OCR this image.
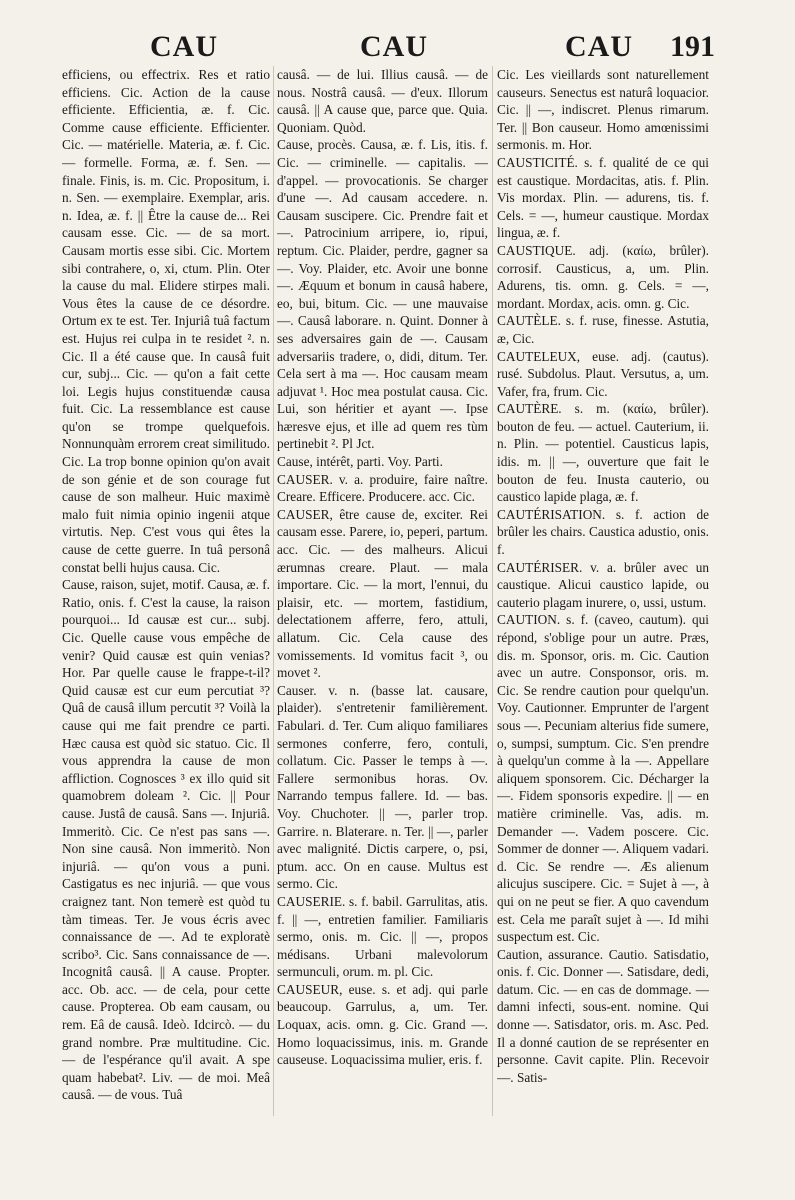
CAU	CAU	CAU 191

efficiens, ou effectrix. Res et ratio efficiens. Cic. Action de la cause efficiente. Efficientia, æ. f. Cic. Comme cause efficiente. Efficienter. Cic. — matérielle. Materia, æ. f. Cic. — formelle. Forma, æ. f. Sen. — finale. Finis, is. m. Cic. Propositum, i. n. Sen. — exemplaire. Exemplar, aris. n. Idea, æ. f. || Être la cause de... Rei causam esse. Cic. — de sa mort. Causam mortis esse sibi. Cic. Mortem sibi contrahere, o, xi, ctum. Plin. Oter la cause du mal. Elidere stirpes mali. Vous êtes la cause de ce désordre. Ortum ex te est. Ter. Injuriâ tuâ factum est. Hujus rei culpa in te residet ². n. Cic. Il a été cause que. In causâ fuit cur, subj... Cic. — qu'on a fait cette loi. Legis hujus constituendæ causa fuit. Cic. La ressemblance est cause qu'on se trompe quelquefois. Nonnunquàm errorem creat similitudo. Cic. La trop bonne opinion qu'on avait de son génie et de son courage fut cause de son malheur. Huic maximè malo fuit nimia opinio ingenii atque virtutis. Nep. C'est vous qui êtes la cause de cette guerre. In tuâ personâ constat belli hujus causa. Cic.

Cause, raison, sujet, motif. Causa, æ. f. Ratio, onis. f. C'est la cause, la raison pourquoi... Id causæ est cur... subj. Cic. Quelle cause vous empêche de venir? Quid causæ est quin venias? Hor. Par quelle cause le frappe-t-il? Quid causæ est cur eum percutiat ³? Quâ de causâ illum percutit ³? Voilà la cause qui me fait prendre ce parti. Hæc causa est quòd sic statuo. Cic. Il vous apprendra la cause de mon affliction. Cognosces ³ ex illo quid sit quamobrem doleam ². Cic. || Pour cause. Justâ de causâ. Sans —. Injuriâ. Immeritò. Cic. Ce n'est pas sans —. Non sine causâ. Non immeritò. Non injuriâ. — qu'on vous a puni. Castigatus es nec injuriâ. — que vous craignez tant. Non temerè est quòd tu tàm timeas. Ter. Je vous écris avec connaissance de —. Ad te exploratè scribo³. Cic. Sans connaissance de —. Incognitâ causâ. || A cause. Propter. acc. Ob. acc. — de cela, pour cette cause. Propterea. Ob eam causam, ou rem. Eâ de causâ. Ideò. Idcircò. — du grand nombre. Præ multitudine. Cic. — de l'espérance qu'il avait. A spe quam habebat². Liv. — de moi. Meâ causâ. — de vous. Tuâ

causâ. — de lui. Illius causâ. — de nous. Nostrâ causâ. — d'eux. Illorum causâ. || A cause que, parce que. Quia. Quoniam. Quòd.

Cause, procès. Causa, æ. f. Lis, itis. f. Cic. — criminelle. — capitalis. — d'appel. — provocationis. Se charger d'une —. Ad causam accedere. n. Causam suscipere. Cic. Prendre fait et —. Patrocinium arripere, io, ripui, reptum. Cic. Plaider, perdre, gagner sa —. Voy. Plaider, etc. Avoir une bonne —. Æquum et bonum in causâ habere, eo, bui, bitum. Cic. — une mauvaise —. Causâ laborare. n. Quint. Donner à ses adversaires gain de —. Causam adversariis tradere, o, didi, ditum. Ter. Cela sert à ma —. Hoc causam meam adjuvat ¹. Hoc mea postulat causa. Cic. Lui, son héritier et ayant —. Ipse hæresve ejus, et ille ad quem res tùm pertinebit ². Pl Jct.

Cause, intérêt, parti. Voy. Parti.

CAUSER. v. a. produire, faire naître. Creare. Efficere. Producere. acc. Cic.

CAUSER, être cause de, exciter. Rei causam esse. Parere, io, peperi, partum. acc. Cic. — des malheurs. Alicui ærumnas creare. Plaut. — mala importare. Cic. — la mort, l'ennui, du plaisir, etc. — mortem, fastidium, delectationem afferre, fero, attuli, allatum. Cic. Cela cause des vomissements. Id vomitus facit ³, ou movet ².

Causer. v. n. (basse lat. causare, plaider). s'entretenir familièrement. Fabulari. d. Ter. Cum aliquo familiares sermones conferre, fero, contuli, collatum. Cic. Passer le temps à —. Fallere sermonibus horas. Ov. Narrando tempus fallere. Id. — bas. Voy. Chuchoter. || —, parler trop. Garrire. n. Blaterare. n. Ter. || —, parler avec malignité. Dictis carpere, o, psi, ptum. acc. On en cause. Multus est sermo. Cic.

CAUSERIE. s. f. babil. Garrulitas, atis. f. || —, entretien familier. Familiaris sermo, onis. m. Cic. || —, propos médisans. Urbani malevolorum sermunculi, orum. m. pl. Cic.

CAUSEUR, euse. s. et adj. qui parle beaucoup. Garrulus, a, um. Ter. Loquax, acis. omn. g. Cic. Grand —. Homo loquacissimus, inis. m. Grande causeuse. Loquacissima mulier, eris. f.

Cic. Les vieillards sont naturellement causeurs. Senectus est naturâ loquacior. Cic. || —, indiscret. Plenus rimarum. Ter. || Bon causeur. Homo amœnissimi sermonis. m. Hor.

CAUSTICITÉ. s. f. qualité de ce qui est caustique. Mordacitas, atis. f. Plin. Vis mordax. Plin. — adurens, tis. f. Cels. = —, humeur caustique. Mordax lingua, æ. f.

CAUSTIQUE. adj. (καίω, brûler). corrosif. Causticus, a, um. Plin. Adurens, tis. omn. g. Cels. = —, mordant. Mordax, acis. omn. g. Cic.

CAUTÈLE. s. f. ruse, finesse. Astutia, æ, Cic.

CAUTELEUX, euse. adj. (cautus). rusé. Subdolus. Plaut. Versutus, a, um. Vafer, fra, frum. Cic.

CAUTÈRE. s. m. (καίω, brûler). bouton de feu. — actuel. Cauterium, ii. n. Plin. — potentiel. Causticus lapis, idis. m. || —, ouverture que fait le bouton de feu. Inusta cauterio, ou caustico lapide plaga, æ. f.

CAUTÉRISATION. s. f. action de brûler les chairs. Caustica adustio, onis. f.

CAUTÉRISER. v. a. brûler avec un caustique. Alicui caustico lapide, ou cauterio plagam inurere, o, ussi, ustum.

CAUTION. s. f. (caveo, cautum). qui répond, s'oblige pour un autre. Præs, dis. m. Sponsor, oris. m. Cic. Caution avec un autre. Consponsor, oris. m. Cic. Se rendre caution pour quelqu'un. Voy. Cautionner. Emprunter de l'argent sous —. Pecuniam alterius fide sumere, o, sumpsi, sumptum. Cic. S'en prendre à quelqu'un comme à la —. Appellare aliquem sponsorem. Cic. Décharger la —. Fidem sponsoris expedire. || — en matière criminelle. Vas, adis. m. Demander —. Vadem poscere. Cic. Sommer de donner —. Aliquem vadari. d. Cic. Se rendre —. Æs alienum alicujus suscipere. Cic. = Sujet à —, à qui on ne peut se fier. A quo cavendum est. Cela me paraît sujet à —. Id mihi suspectum est. Cic.

Caution, assurance. Cautio. Satisdatio, onis. f. Cic. Donner —. Satisdare, dedi, datum. Cic. — en cas de dommage. — damni infecti, sous-ent. nomine. Qui donne —. Satisdator, oris. m. Asc. Ped. Il a donné caution de se représenter en personne. Cavit capite. Plin. Recevoir —. Satis-
